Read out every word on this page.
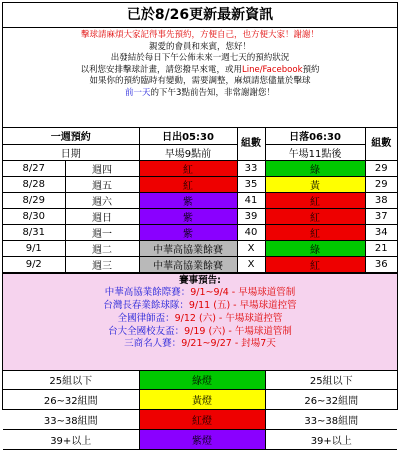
已於8/26更新最新資訊
擊球請麻煩大家記得事先預約，方便自己，也方便大家！謝謝！
親愛的會員和來賓，您好！
出發結於每日下午公佈未來一週七天的預約狀況
以利您安排擊球計畫，請您撥早來電，或用Line/Facebook預約
如果你的預約臨時有變動，需要調整，麻煩請您儘量於擊球
前一天的下午3點前告知，非常謝謝您！
一週預約		日出05:30	組數	日落06:30	組數
日期		早場9點前		午場11點後	
8/27	週四	紅	33	綠	29
8/28	週五	紅	35	黃	29
8/29	週六	紫	41	紅	38
8/30	週日	紫	39	紅	37
8/31	週一	紫	40	紅	34
9/1	週二	中華高協業餘賽	X	綠	21
9/2	週三	中華高協業餘賽	X	紅	36
賽事預告:
中華高協業餘際賽：9/1~9/4 - 早場球道管制
台灣長春業餘球隊：9/11 (五) - 早場球道控管
全國律師盃：9/12 (六) - 午場球道控管
台大全國校友盃：9/19 (六) - 午場球道管制
三商名人賽：9/21~9/27 - 封場7天
25組以下	綠燈	25組以下
26~32組間	黃燈	26~32組間
33~38組間	紅燈	33~38組間
39+以上	紫燈	39+以上
